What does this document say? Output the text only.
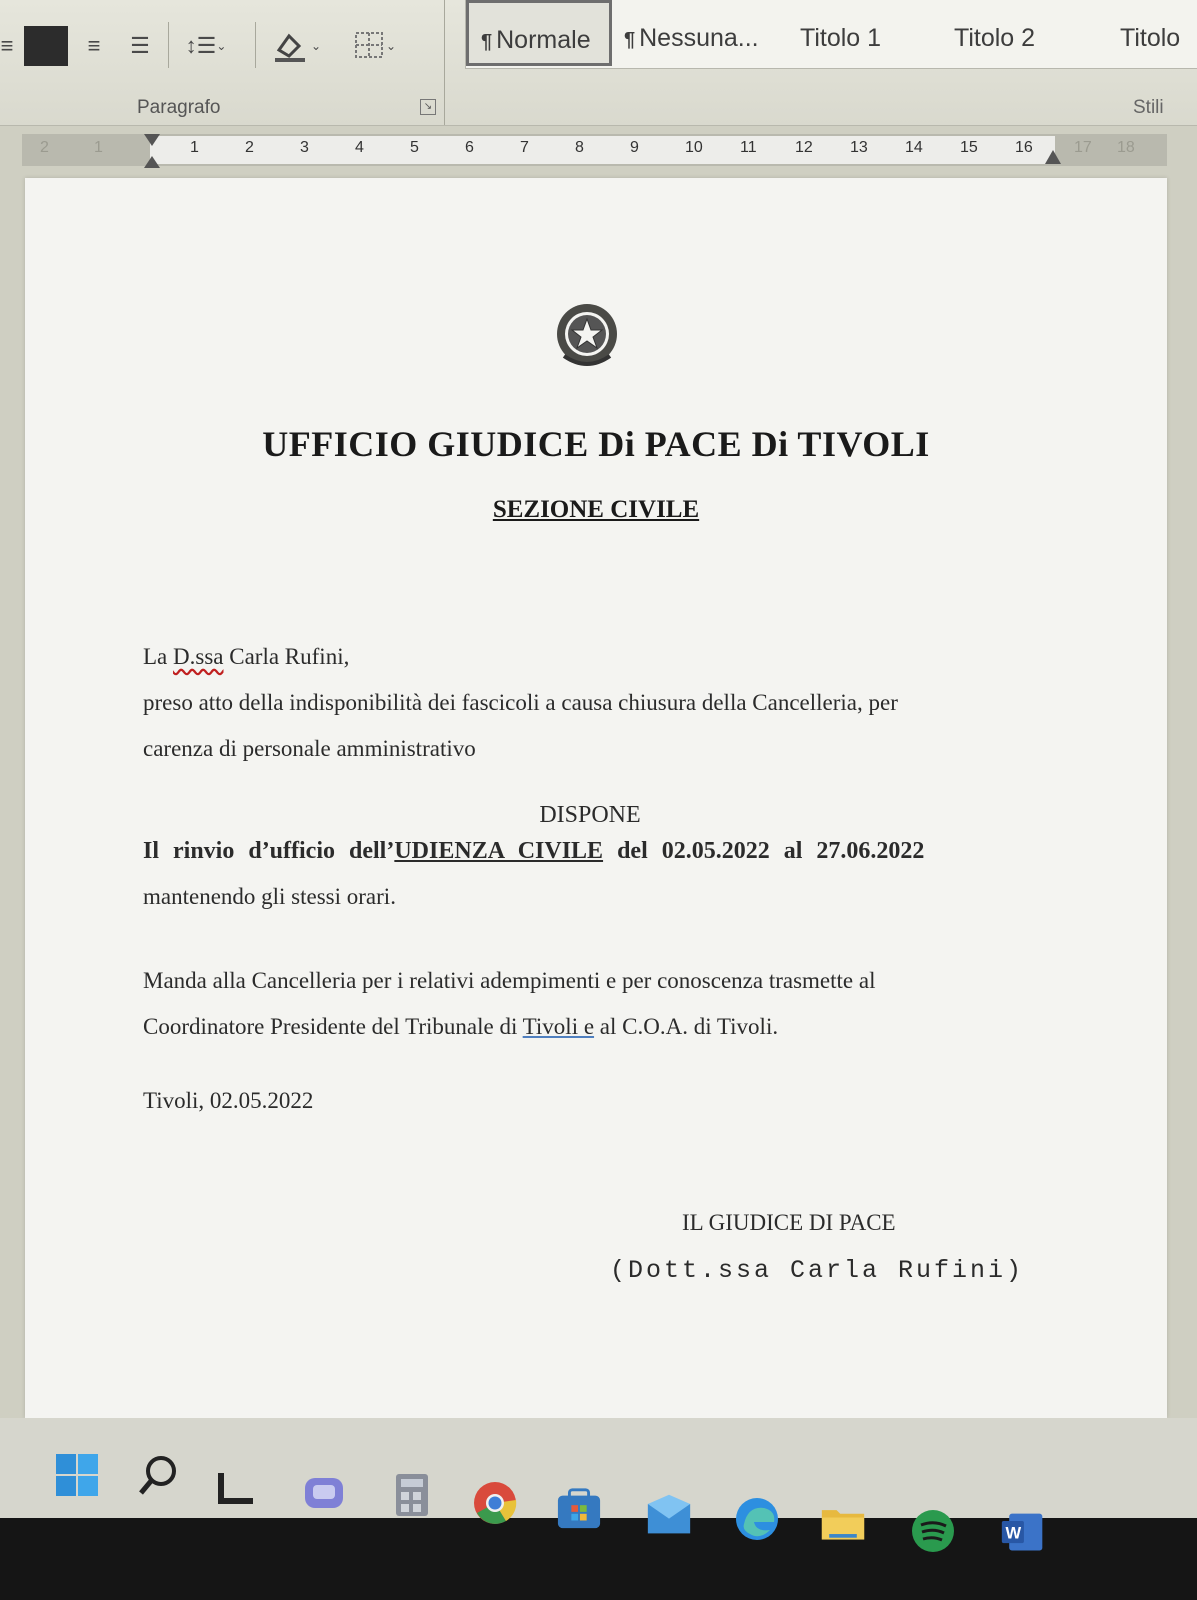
≡	≡	☰	↕☰ ⌄	⌄	⌄
Paragrafo	↘
¶ Normale	¶ Nessuna... Titolo 1	Titolo 2	Titolo
Stili
2	1	17 18
1	2	3	4	5	6	7	8	9	10 11 12 13 14 15 16
UFFICIO GIUDICE Di PACE Di TIVOLI
SEZIONE CIVILE
La D.ssa Carla Rufini,
preso atto della indisponibilità dei fascicoli a causa chiusura della Cancelleria, per
carenza di personale amministrativo
DISPONE
Il rinvio d’ufficio dell’UDIENZA CIVILE del 02.05.2022 al 27.06.2022
mantenendo gli stessi orari.
Manda alla Cancelleria per i relativi adempimenti e per conoscenza trasmette al
Coordinatore Presidente del Tribunale di Tivoli e al C.O.A. di Tivoli.
Tivoli, 02.05.2022
IL GIUDICE DI PACE
(Dott.ssa Carla Rufini)
W
